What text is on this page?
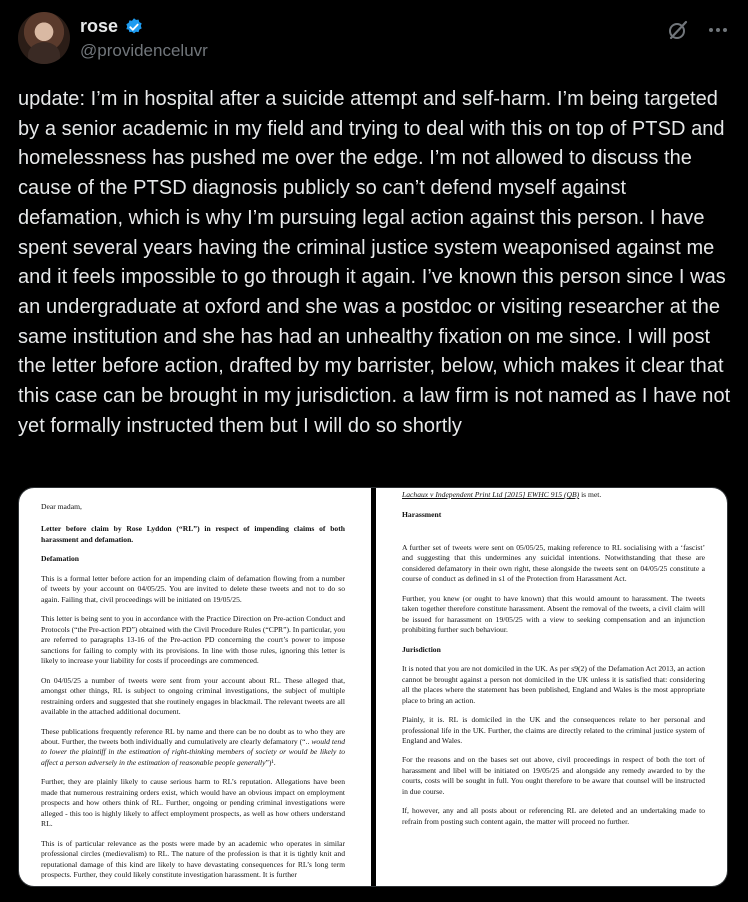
rose
@providenceluvr
update: I’m in hospital after a suicide attempt and self-harm. I’m being targeted by a senior academic in my field and trying to deal with this on top of PTSD and homelessness has pushed me over the edge. I’m not allowed to discuss the cause of the PTSD diagnosis publicly so can’t defend myself against defamation, which is why I’m pursuing legal action against this person. I have spent several years having the criminal justice system weaponised against me and it feels impossible to go through it again. I’ve known this person since I was an undergraduate at oxford and she was a postdoc or visiting researcher at the same institution and she has had an unhealthy fixation on me since. I will post the letter before action, drafted by my barrister, below, which makes it clear that this case can be brought in my jurisdiction. a law firm is not named as I have not yet formally instructed them but I will do so shortly

Dear madam,

Letter before claim by Rose Lyddon (“RL”) in respect of impending claims of both harassment and defamation.

Defamation

This is a formal letter before action for an impending claim of defamation flowing from a number of tweets by your account on 04/05/25. You are invited to delete these tweets and not to do so again. Failing that, civil proceedings will be initiated on 19/05/25.

This letter is being sent to you in accordance with the Practice Direction on Pre-action Conduct and Protocols (“the Pre-action PD”) obtained with the Civil Procedure Rules (“CPR”). In particular, you are referred to paragraphs 13-16 of the Pre-action PD concerning the court’s power to impose sanctions for failing to comply with its provisions. In line with those rules, ignoring this letter is likely to increase your liability for costs if proceedings are commenced.

On 04/05/25 a number of tweets were sent from your account about RL. These alleged that, amongst other things, RL is subject to ongoing criminal investigations, the subject of multiple restraining orders and suggested that she routinely engages in blackmail. The relevant tweets are all available in the attached additional document.

These publications frequently reference RL by name and there can be no doubt as to who they are about. Further, the tweets both individually and cumulatively are clearly defamatory (“.. would tend to lower the plaintiff in the estimation of right-thinking members of society or would be likely to affect a person adversely in the estimation of reasonable people generally”)¹.

Further, they are plainly likely to cause serious harm to RL’s reputation. Allegations have been made that numerous restraining orders exist, which would have an obvious impact on employment prospects and how others think of RL. Further, ongoing or pending criminal investigations were alleged - this too is highly likely to affect employment prospects, as well as how others understand RL.

This is of particular relevance as the posts were made by an academic who operates in similar professional circles (medievalism) to RL. The nature of the profession is that it is tightly knit and reputational damage of this kind are likely to have devastating consequences for RL’s long term prospects. Further, they could likely constitute investigation harassment. It is further

Lachaux v Independent Print Ltd [2015] EWHC 915 (QB) is met.

Harassment

A further set of tweets were sent on 05/05/25, making reference to RL socialising with a ‘fascist’ and suggesting that this undermines any suicidal intentions. Notwithstanding that these are considered defamatory in their own right, these alongside the tweets sent on 04/05/25 constitute a course of conduct as defined in s1 of the Protection from Harassment Act.

Further, you knew (or ought to have known) that this would amount to harassment. The tweets taken together therefore constitute harassment. Absent the removal of the tweets, a civil claim will be issued for harassment on 19/05/25 with a view to seeking compensation and an injunction prohibiting further such behaviour.

Jurisdiction

It is noted that you are not domiciled in the UK. As per s9(2) of the Defamation Act 2013, an action cannot be brought against a person not domiciled in the UK unless it is satisfied that: considering all the places where the statement has been published, England and Wales is the most appropriate place to bring an action.

Plainly, it is. RL is domiciled in the UK and the consequences relate to her personal and professional life in the UK. Further, the claims are directly related to the criminal justice system of England and Wales.

For the reasons and on the bases set out above, civil proceedings in respect of both the tort of harassment and libel will be initiated on 19/05/25 and alongside any remedy awarded to by the courts, costs will be sought in full. You ought therefore to be aware that counsel will be instructed in due course.

If, however, any and all posts about or referencing RL are deleted and an undertaking made to refrain from posting such content again, the matter will proceed no further.
